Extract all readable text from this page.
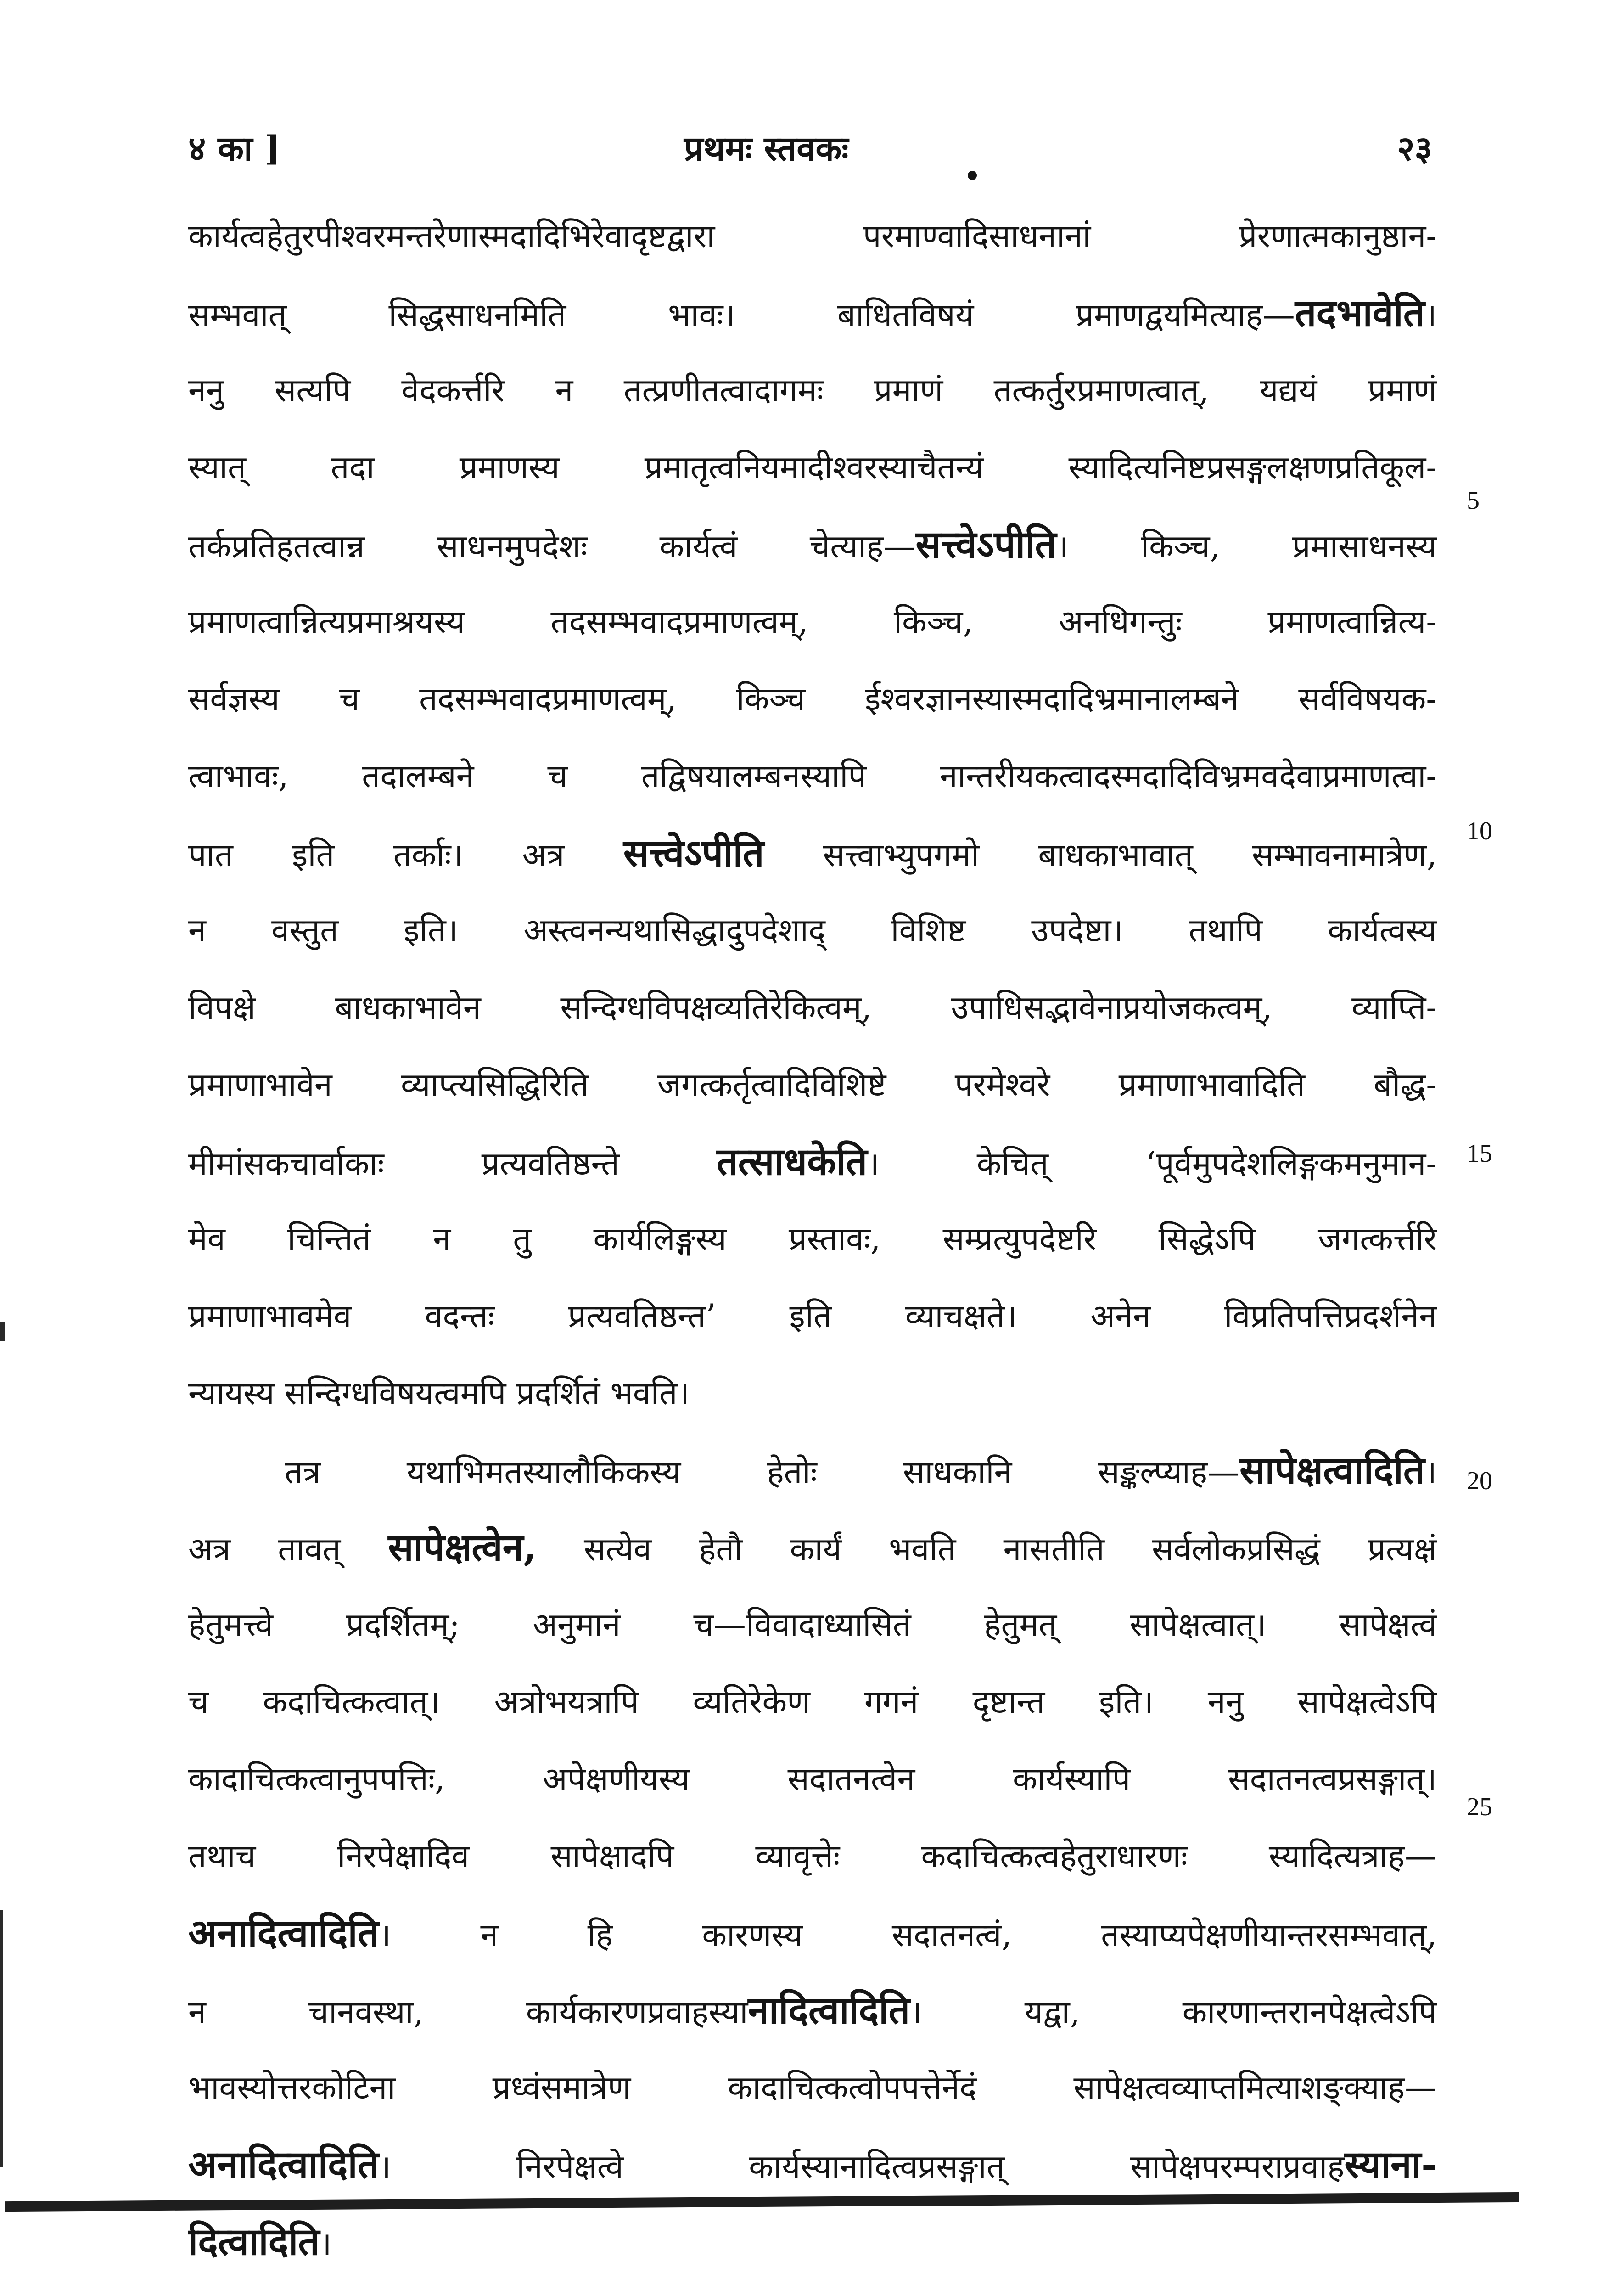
४ का ]	प्रथमः स्तवकः	२३
कार्यत्वहेतुरपीश्वरमन्तरेणास्मदादिभिरेवादृष्टद्वारा परमाण्वादिसाधनानां प्रेरणात्मकानुष्ठान-
सम्भवात् सिद्धसाधनमिति भावः। बाधितविषयं प्रमाणद्वयमित्याह—तदभावेति।
ननु सत्यपि वेदकर्त्तरि न तत्प्रणीतत्वादागमः प्रमाणं तत्कर्तुरप्रमाणत्वात्, यद्ययं प्रमाणं
स्यात् तदा प्रमाणस्य प्रमातृत्वनियमादीश्वरस्याचैतन्यं स्यादित्यनिष्टप्रसङ्गलक्षणप्रतिकूल-
तर्कप्रतिहतत्वान्न साधनमुपदेशः कार्यत्वं चेत्याह—सत्त्वेऽपीति। किञ्च, प्रमासाधनस्य
प्रमाणत्वान्नित्यप्रमाश्रयस्य तदसम्भवादप्रमाणत्वम्, किञ्च, अनधिगन्तुः प्रमाणत्वान्नित्य-
सर्वज्ञस्य च तदसम्भवादप्रमाणत्वम्, किञ्च ईश्वरज्ञानस्यास्मदादिभ्रमानालम्बने सर्वविषयक-
त्वाभावः, तदालम्बने च तद्विषयालम्बनस्यापि नान्तरीयकत्वादस्मदादिविभ्रमवदेवाप्रमाणत्वा-
पात इति तर्काः। अत्र सत्त्वेऽपीति सत्त्वाभ्युपगमो बाधकाभावात् सम्भावनामात्रेण,
न वस्तुत इति। अस्त्वनन्यथासिद्धादुपदेशाद् विशिष्ट उपदेष्टा। तथापि कार्यत्वस्य
विपक्षे बाधकाभावेन सन्दिग्धविपक्षव्यतिरेकित्वम्, उपाधिसद्भावेनाप्रयोजकत्वम्, व्याप्ति-
प्रमाणाभावेन व्याप्त्यसिद्धिरिति जगत्कर्तृत्वादिविशिष्टे परमेश्वरे प्रमाणाभावादिति बौद्ध-
मीमांसकचार्वाकाः प्रत्यवतिष्ठन्ते तत्साधकेति। केचित् ‘पूर्वमुपदेशलिङ्गकमनुमान-
मेव चिन्तितं न तु कार्यलिङ्गस्य प्रस्तावः, सम्प्रत्युपदेष्टरि सिद्धेऽपि जगत्कर्त्तरि
प्रमाणाभावमेव वदन्तः प्रत्यवतिष्ठन्त’ इति व्याचक्षते। अनेन विप्रतिपत्तिप्रदर्शनेन
न्यायस्य सन्दिग्धविषयत्वमपि प्रदर्शितं भवति।
तत्र यथाभिमतस्यालौकिकस्य हेतोः साधकानि सङ्कल्प्याह—सापेक्षत्वादिति।
अत्र तावत् सापेक्षत्वेन, सत्येव हेतौ कार्यं भवति नासतीति सर्वलोकप्रसिद्धं प्रत्यक्षं
हेतुमत्त्वे प्रदर्शितम्; अनुमानं च—विवादाध्यासितं हेतुमत् सापेक्षत्वात्। सापेक्षत्वं
च कदाचित्कत्वात्। अत्रोभयत्रापि व्यतिरेकेण गगनं दृष्टान्त इति। ननु सापेक्षत्वेऽपि
कादाचित्कत्वानुपपत्तिः, अपेक्षणीयस्य सदातनत्वेन कार्यस्यापि सदातनत्वप्रसङ्गात्।
तथाच निरपेक्षादिव सापेक्षादपि व्यावृत्तेः कदाचित्कत्वहेतुराधारणः स्यादित्यत्राह—
अनादित्वादिति। न हि कारणस्य सदातनत्वं, तस्याप्यपेक्षणीयान्तरसम्भवात्,
न चानवस्था, कार्यकारणप्रवाहस्यानादित्वादिति। यद्वा, कारणान्तरानपेक्षत्वेऽपि
भावस्योत्तरकोटिना प्रध्वंसमात्रेण कादाचित्कत्वोपपत्तेर्नेदं सापेक्षत्वव्याप्तमित्याशङ्क्याह—
अनादित्वादिति। निरपेक्षत्वे कार्यस्यानादित्वप्रसङ्गात् सापेक्षपरम्पराप्रवाहस्याना-
दित्वादिति।
5
10
15
20
25
